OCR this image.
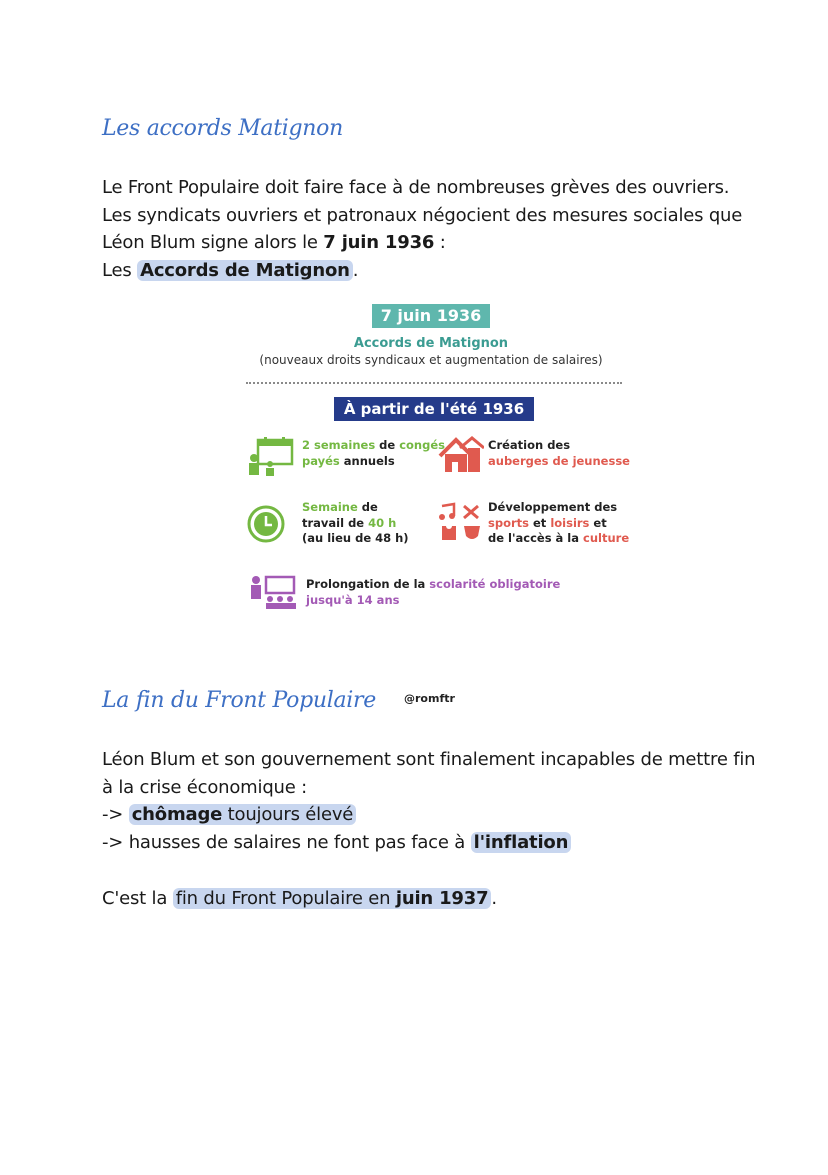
Les accords Matignon
Le Front Populaire doit faire face à de nombreuses grèves des ouvriers.
Les syndicats ouvriers et patronaux négocient des mesures sociales que
Léon Blum signe alors le 7 juin 1936 :
Les Accords de Matignon .
7 juin 1936
Accords de Matignon
(nouveaux droits syndicaux et augmentation de salaires)
À partir de l'été 1936
2 semaines de congés
payés annuels
Création des
auberges de jeunesse
Semaine de
travail de 40 h
(au lieu de 48 h)
Développement des
sports et loisirs et
de l'accès à la culture
Prolongation de la scolarité obligatoire
jusqu'à 14 ans
La fin du Front Populaire	@romftr
Léon Blum et son gouvernement sont finalement incapables de mettre fin
à la crise économique :
-> chômage toujours élevé
-> hausses de salaires ne font pas face à l'inflation
C'est la fin du Front Populaire en juin 1937 .
